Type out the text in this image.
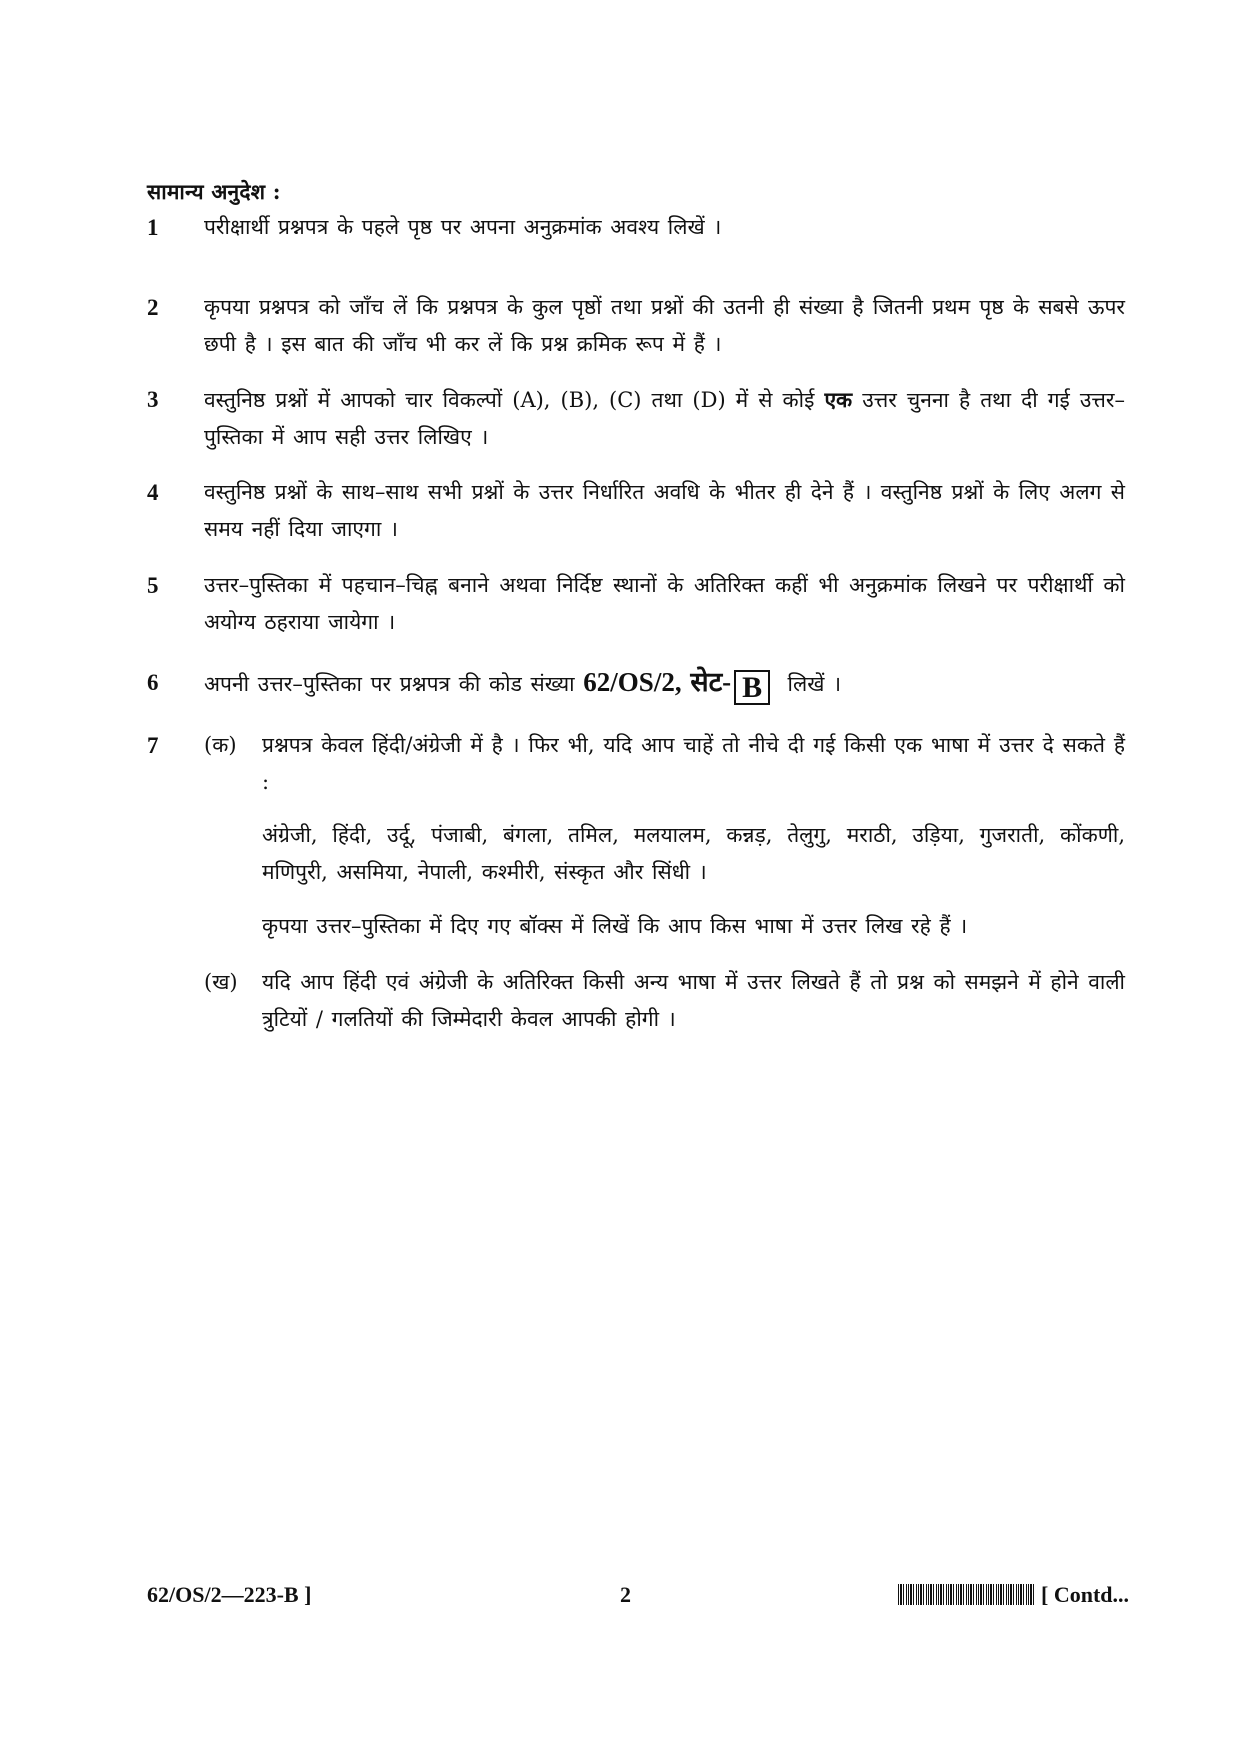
सामान्य अनुदेश :
1	परीक्षार्थी प्रश्नपत्र के पहले पृष्ठ पर अपना अनुक्रमांक अवश्य लिखें ।
2	कृपया प्रश्नपत्र को जाँच लें कि प्रश्नपत्र के कुल पृष्ठों तथा प्रश्नों की उतनी ही संख्या है जितनी प्रथम पृष्ठ के सबसे ऊपर छपी है । इस बात की जाँच भी कर लें कि प्रश्न क्रमिक रूप में हैं ।
3	वस्तुनिष्ठ प्रश्नों में आपको चार विकल्पों (A), (B), (C) तथा (D) में से कोई एक उत्तर चुनना है तथा दी गई उत्तर–पुस्तिका में आप सही उत्तर लिखिए ।
4	वस्तुनिष्ठ प्रश्नों के साथ–साथ सभी प्रश्नों के उत्तर निर्धारित अवधि के भीतर ही देने हैं । वस्तुनिष्ठ प्रश्नों के लिए अलग से समय नहीं दिया जाएगा ।
5	उत्तर–पुस्तिका में पहचान–चिह्न बनाने अथवा निर्दिष्ट स्थानों के अतिरिक्त कहीं भी अनुक्रमांक लिखने पर परीक्षार्थी को अयोग्य ठहराया जायेगा ।
6	अपनी उत्तर–पुस्तिका पर प्रश्नपत्र की कोड संख्या 62/OS/2, सेट- B लिखें ।
7	(क)	प्रश्नपत्र केवल हिंदी/अंग्रेजी में है । फिर भी, यदि आप चाहें तो नीचे दी गई किसी एक भाषा में उत्तर दे सकते हैं :
अंग्रेजी, हिंदी, उर्दू, पंजाबी, बंगला, तमिल, मलयालम, कन्नड़, तेलुगु, मराठी, उड़िया, गुजराती, कोंकणी, मणिपुरी, असमिया, नेपाली, कश्मीरी, संस्कृत और सिंधी ।
कृपया उत्तर–पुस्तिका में दिए गए बॉक्स में लिखें कि आप किस भाषा में उत्तर लिख रहे हैं ।
(ख)	यदि आप हिंदी एवं अंग्रेजी के अतिरिक्त किसी अन्य भाषा में उत्तर लिखते हैं तो प्रश्न को समझने में होने वाली त्रुटियों / गलतियों की जिम्मेदारी केवल आपकी होगी ।
62/OS/2—223-B ]	2	[ Contd...
